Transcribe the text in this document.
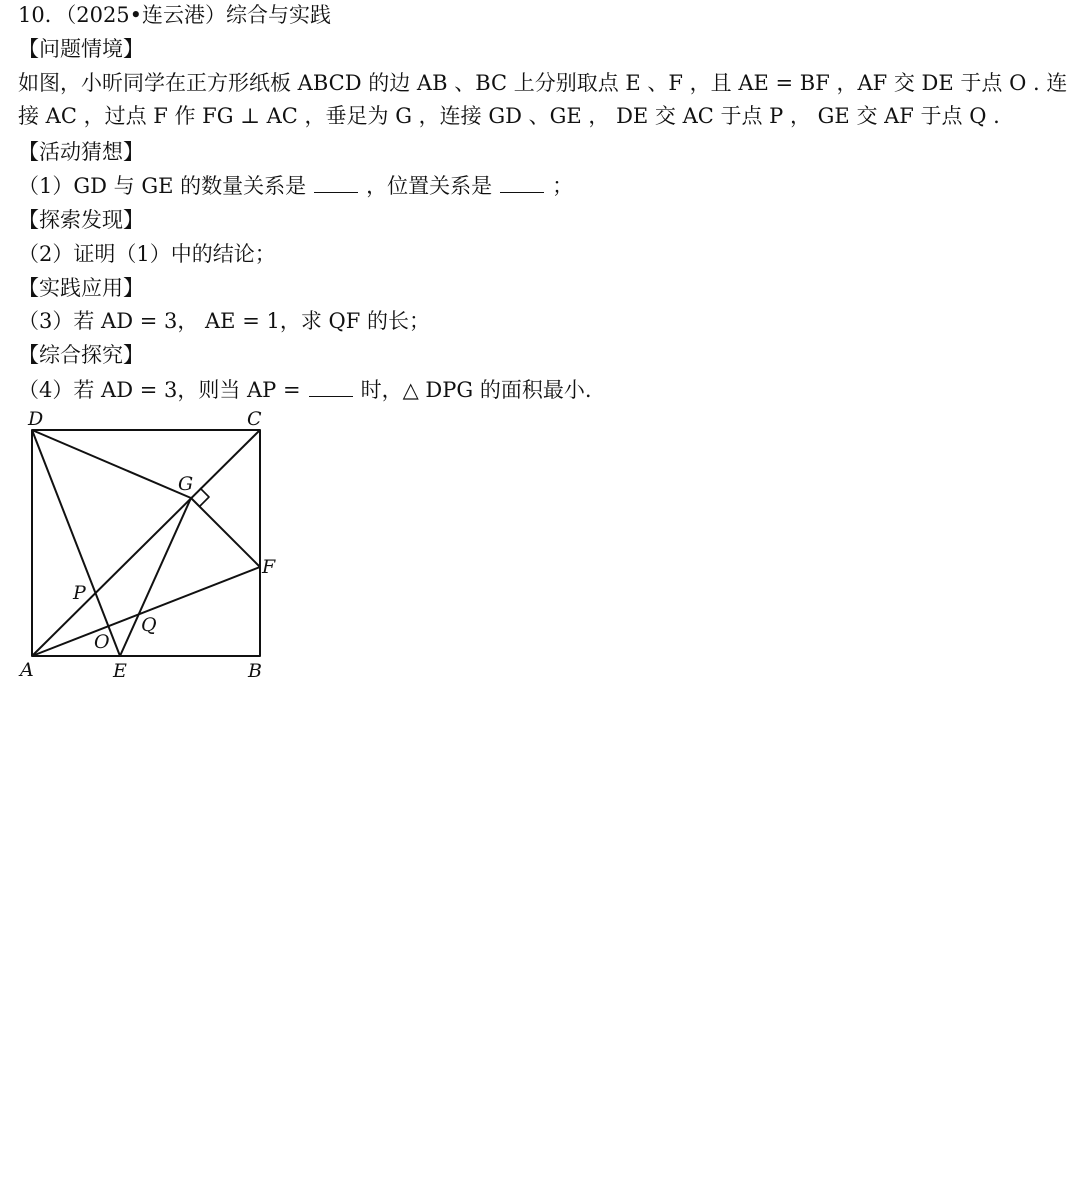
10．（2025•连云港）综合与实践
【问题情境】
如图，小昕同学在正方形纸板 ABCD 的边 AB 、BC 上分别取点 E 、F ，且 AE = BF ，AF 交 DE 于点 O . 连
接 AC ，过点 F 作 FG ⊥ AC ，垂足为 G ，连接 GD 、GE ， DE 交 AC 于点 P ， GE 交 AF 于点 Q .
【活动猜想】
（1）GD 与 GE 的数量关系是	，位置关系是	；
【探索发现】
（2）证明（1）中的结论；
【实践应用】
（3）若 AD = 3， AE = 1，求 QF 的长；
【综合探究】
（4）若 AD = 3，则当 AP =	时，△ DPG 的面积最小.
D	C
G
F
P
Q
O
A	E	B
